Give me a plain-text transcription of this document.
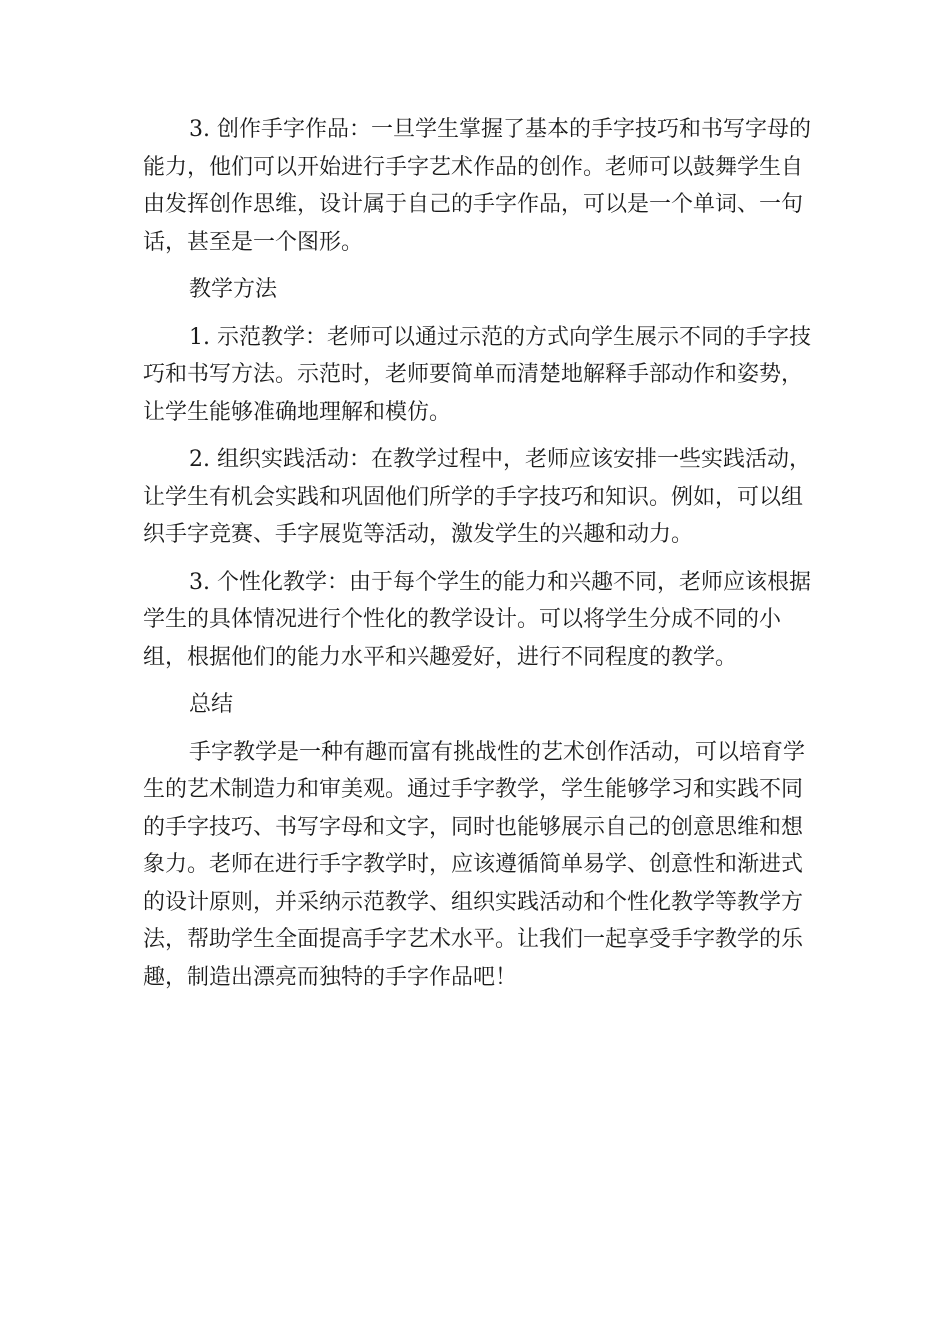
3. 创作手字作品：一旦学生掌握了基本的手字技巧和书写字母的能力，他们可以开始进行手字艺术作品的创作。老师可以鼓舞学生自由发挥创作思维，设计属于自己的手字作品，可以是一个单词、一句话，甚至是一个图形。

教学方法

1. 示范教学：老师可以通过示范的方式向学生展示不同的手字技巧和书写方法。示范时，老师要简单而清楚地解释手部动作和姿势，让学生能够准确地理解和模仿。

2. 组织实践活动：在教学过程中，老师应该安排一些实践活动，让学生有机会实践和巩固他们所学的手字技巧和知识。例如，可以组织手字竞赛、手字展览等活动，激发学生的兴趣和动力。

3. 个性化教学：由于每个学生的能力和兴趣不同，老师应该根据学生的具体情况进行个性化的教学设计。可以将学生分成不同的小组，根据他们的能力水平和兴趣爱好，进行不同程度的教学。

总结

手字教学是一种有趣而富有挑战性的艺术创作活动，可以培育学生的艺术制造力和审美观。通过手字教学，学生能够学习和实践不同的手字技巧、书写字母和文字，同时也能够展示自己的创意思维和想象力。老师在进行手字教学时，应该遵循简单易学、创意性和渐进式的设计原则，并采纳示范教学、组织实践活动和个性化教学等教学方法，帮助学生全面提高手字艺术水平。让我们一起享受手字教学的乐趣，制造出漂亮而独特的手字作品吧！
